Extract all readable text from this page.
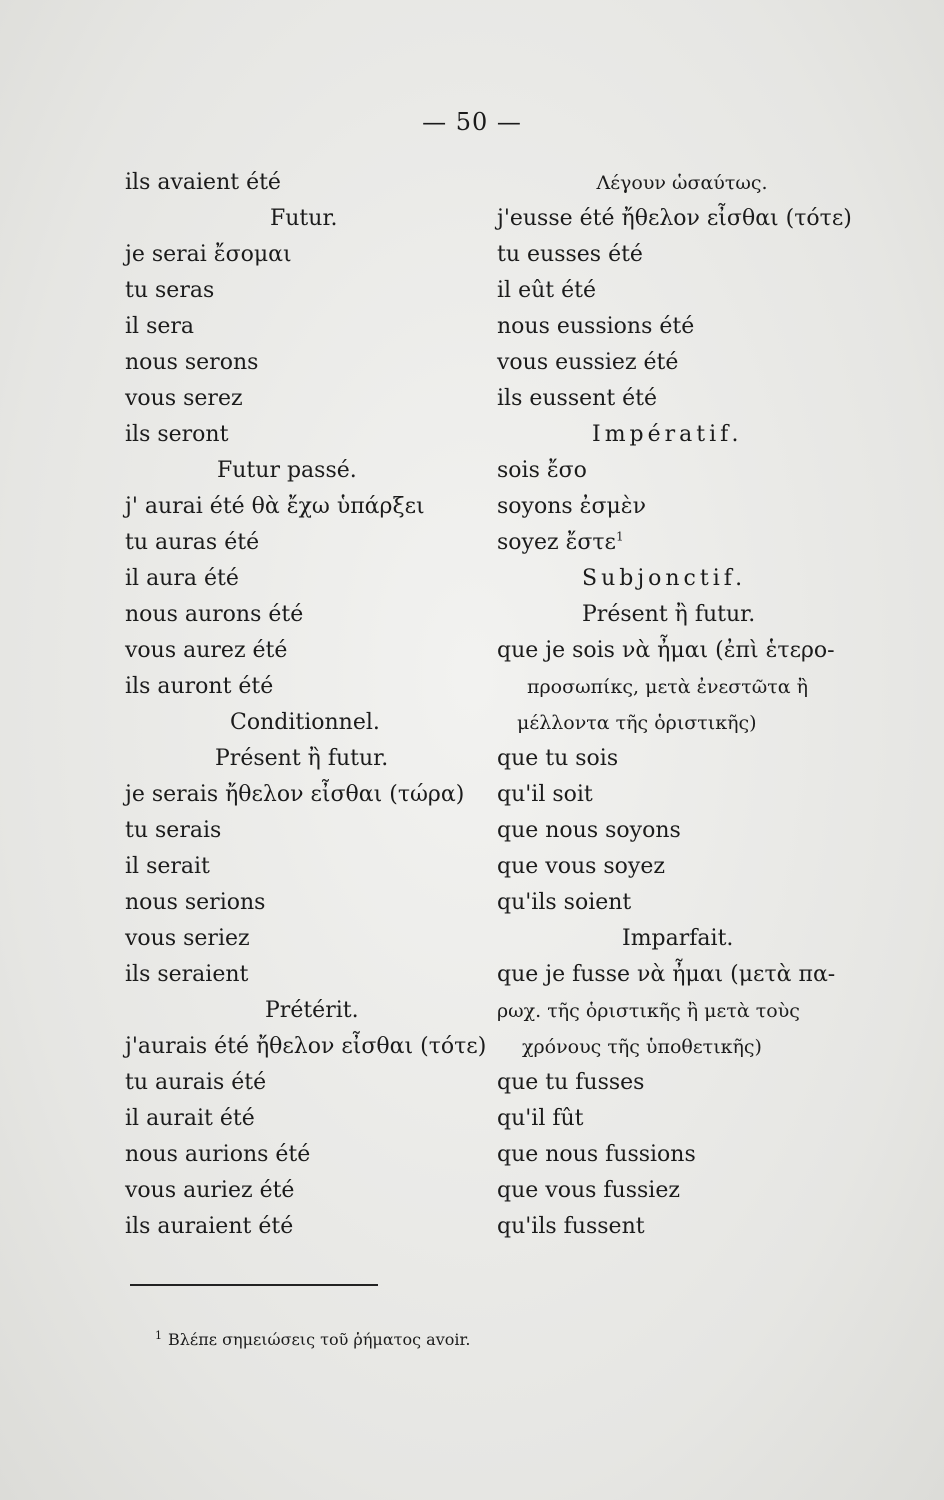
— 50 —
ils avaient été
Futur.
je serai ἔσομαι
tu seras
il sera
nous serons
vous serez
ils seront
Futur passé.
j' aurai été θὰ ἔχω ὑπάρξει
tu auras été
il aura été
nous aurons été
vous aurez été
ils auront été
Conditionnel.
Présent ἢ futur.
je serais ἤθελον εἶσθαι (τώρα)
tu serais
il serait
nous serions
vous seriez
ils seraient
Prétérit.
j'aurais été ἤθελον εἶσθαι (τότε)
tu aurais été
il aurait été
nous aurions été
vous auriez été
ils auraient été
Λέγουν ὡσαύτως.
j'eusse été ἤθελον εἶσθαι (τότε)
tu eusses été
il eût été
nous eussions été
vous eussiez été
ils eussent été
Impératif.
sois ἔσο
soyons ἐσμὲν
soyez ἔστε$^1$
Subjonctif.
Présent ἢ futur.
que je sois νὰ ἦμαι (ἐπὶ ἑτερο-
προσωπίκς, μετὰ ἐνεστῶτα ἢ
μέλλοντα τῆς ὁριστικῆς)
que tu sois
qu'il soit
que nous soyons
que vous soyez
qu'ils soient
Imparfait.
que je fusse νὰ ἦμαι (μετὰ πα-
ρωχ. τῆς ὁριστικῆς ἢ μετὰ τοὺς
χρόνους τῆς ὑποθετικῆς)
que tu fusses
qu'il fût
que nous fussions
que vous fussiez
qu'ils fussent
$^1$ Βλέπε σημειώσεις τοῦ ῥήματος avoir.
